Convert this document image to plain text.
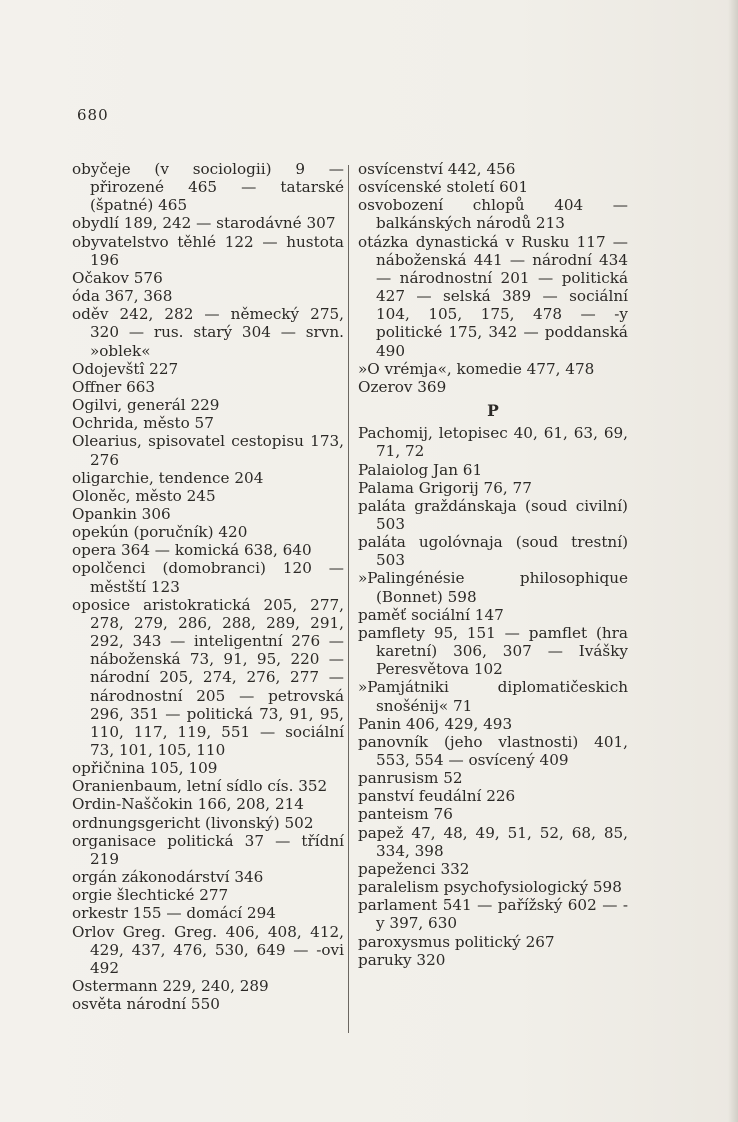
680
obyčeje (v sociologii) 9 — přirozené 465 — tatarské (špatné) 465
obydlí 189, 242 — starodávné 307
obyvatelstvo těhlé 122 — hustota 196
Očakov 576
óda 367, 368
oděv 242, 282 — německý 275, 320 — rus. starý 304 — srvn. »oblek«
Odojevštî 227
Offner 663
Ogilvi, generál 229
Ochrida, město 57
Olearius, spisovatel cestopisu 173, 276
oligarchie, tendence 204
Oloněc, město 245
Opankin 306
opekún (poručník) 420
opera 364 — komická 638, 640
opolčenci (domobranci) 120 — městští 123
oposice aristokratická 205, 277, 278, 279, 286, 288, 289, 291, 292, 343 — inteligentní 276 — náboženská 73, 91, 95, 220 — národní 205, 274, 276, 277 — národnostní 205 — petrovská 296, 351 — politická 73, 91, 95, 110, 117, 119, 551 — sociální 73, 101, 105, 110
opřičnina 105, 109
Oranienbaum, letní sídlo cís. 352
Ordin-Naščokin 166, 208, 214
ordnungsgericht (livonský) 502
organisace politická 37 — třídní 219
orgán zákonodárství 346
orgie šlechtické 277
orkestr 155 — domácí 294
Orlov Greg. Greg. 406, 408, 412, 429, 437, 476, 530, 649 — -ovi 492
Ostermann 229, 240, 289
osvěta národní 550
osvícenství 442, 456
osvícenské století 601
osvobození chlopů 404 — balkánských národů 213
otázka dynastická v Rusku 117 — náboženská 441 — národní 434 — národnostní 201 — politická 427 — selská 389 — sociální 104, 105, 175, 478 — -y politické 175, 342 — poddanská 490
»O vrémja«, komedie 477, 478
Ozerov 369
P
Pachomij, letopisec 40, 61, 63, 69, 71, 72
Palaiolog Jan 61
Palama Grigorij 76, 77
paláta graždánskaja (soud civilní) 503
paláta ugolóvnaja (soud trestní) 503
»Palingénésie philosophique (Bonnet) 598
paměť sociální 147
pamflety 95, 151 — pamflet (hra karetní) 306, 307 — Ivášky Peresvětova 102
»Pamjátniki diplomatičeskich snošénij« 71
Panin 406, 429, 493
panovník (jeho vlastnosti) 401, 553, 554 — osvícený 409
panrusism 52
panství feudální 226
panteism 76
papež 47, 48, 49, 51, 52, 68, 85, 334, 398
papeženci 332
paralelism psychofysiologický 598
parlament 541 — pařížský 602 — -y 397, 630
paroxysmus politický 267
paruky 320
